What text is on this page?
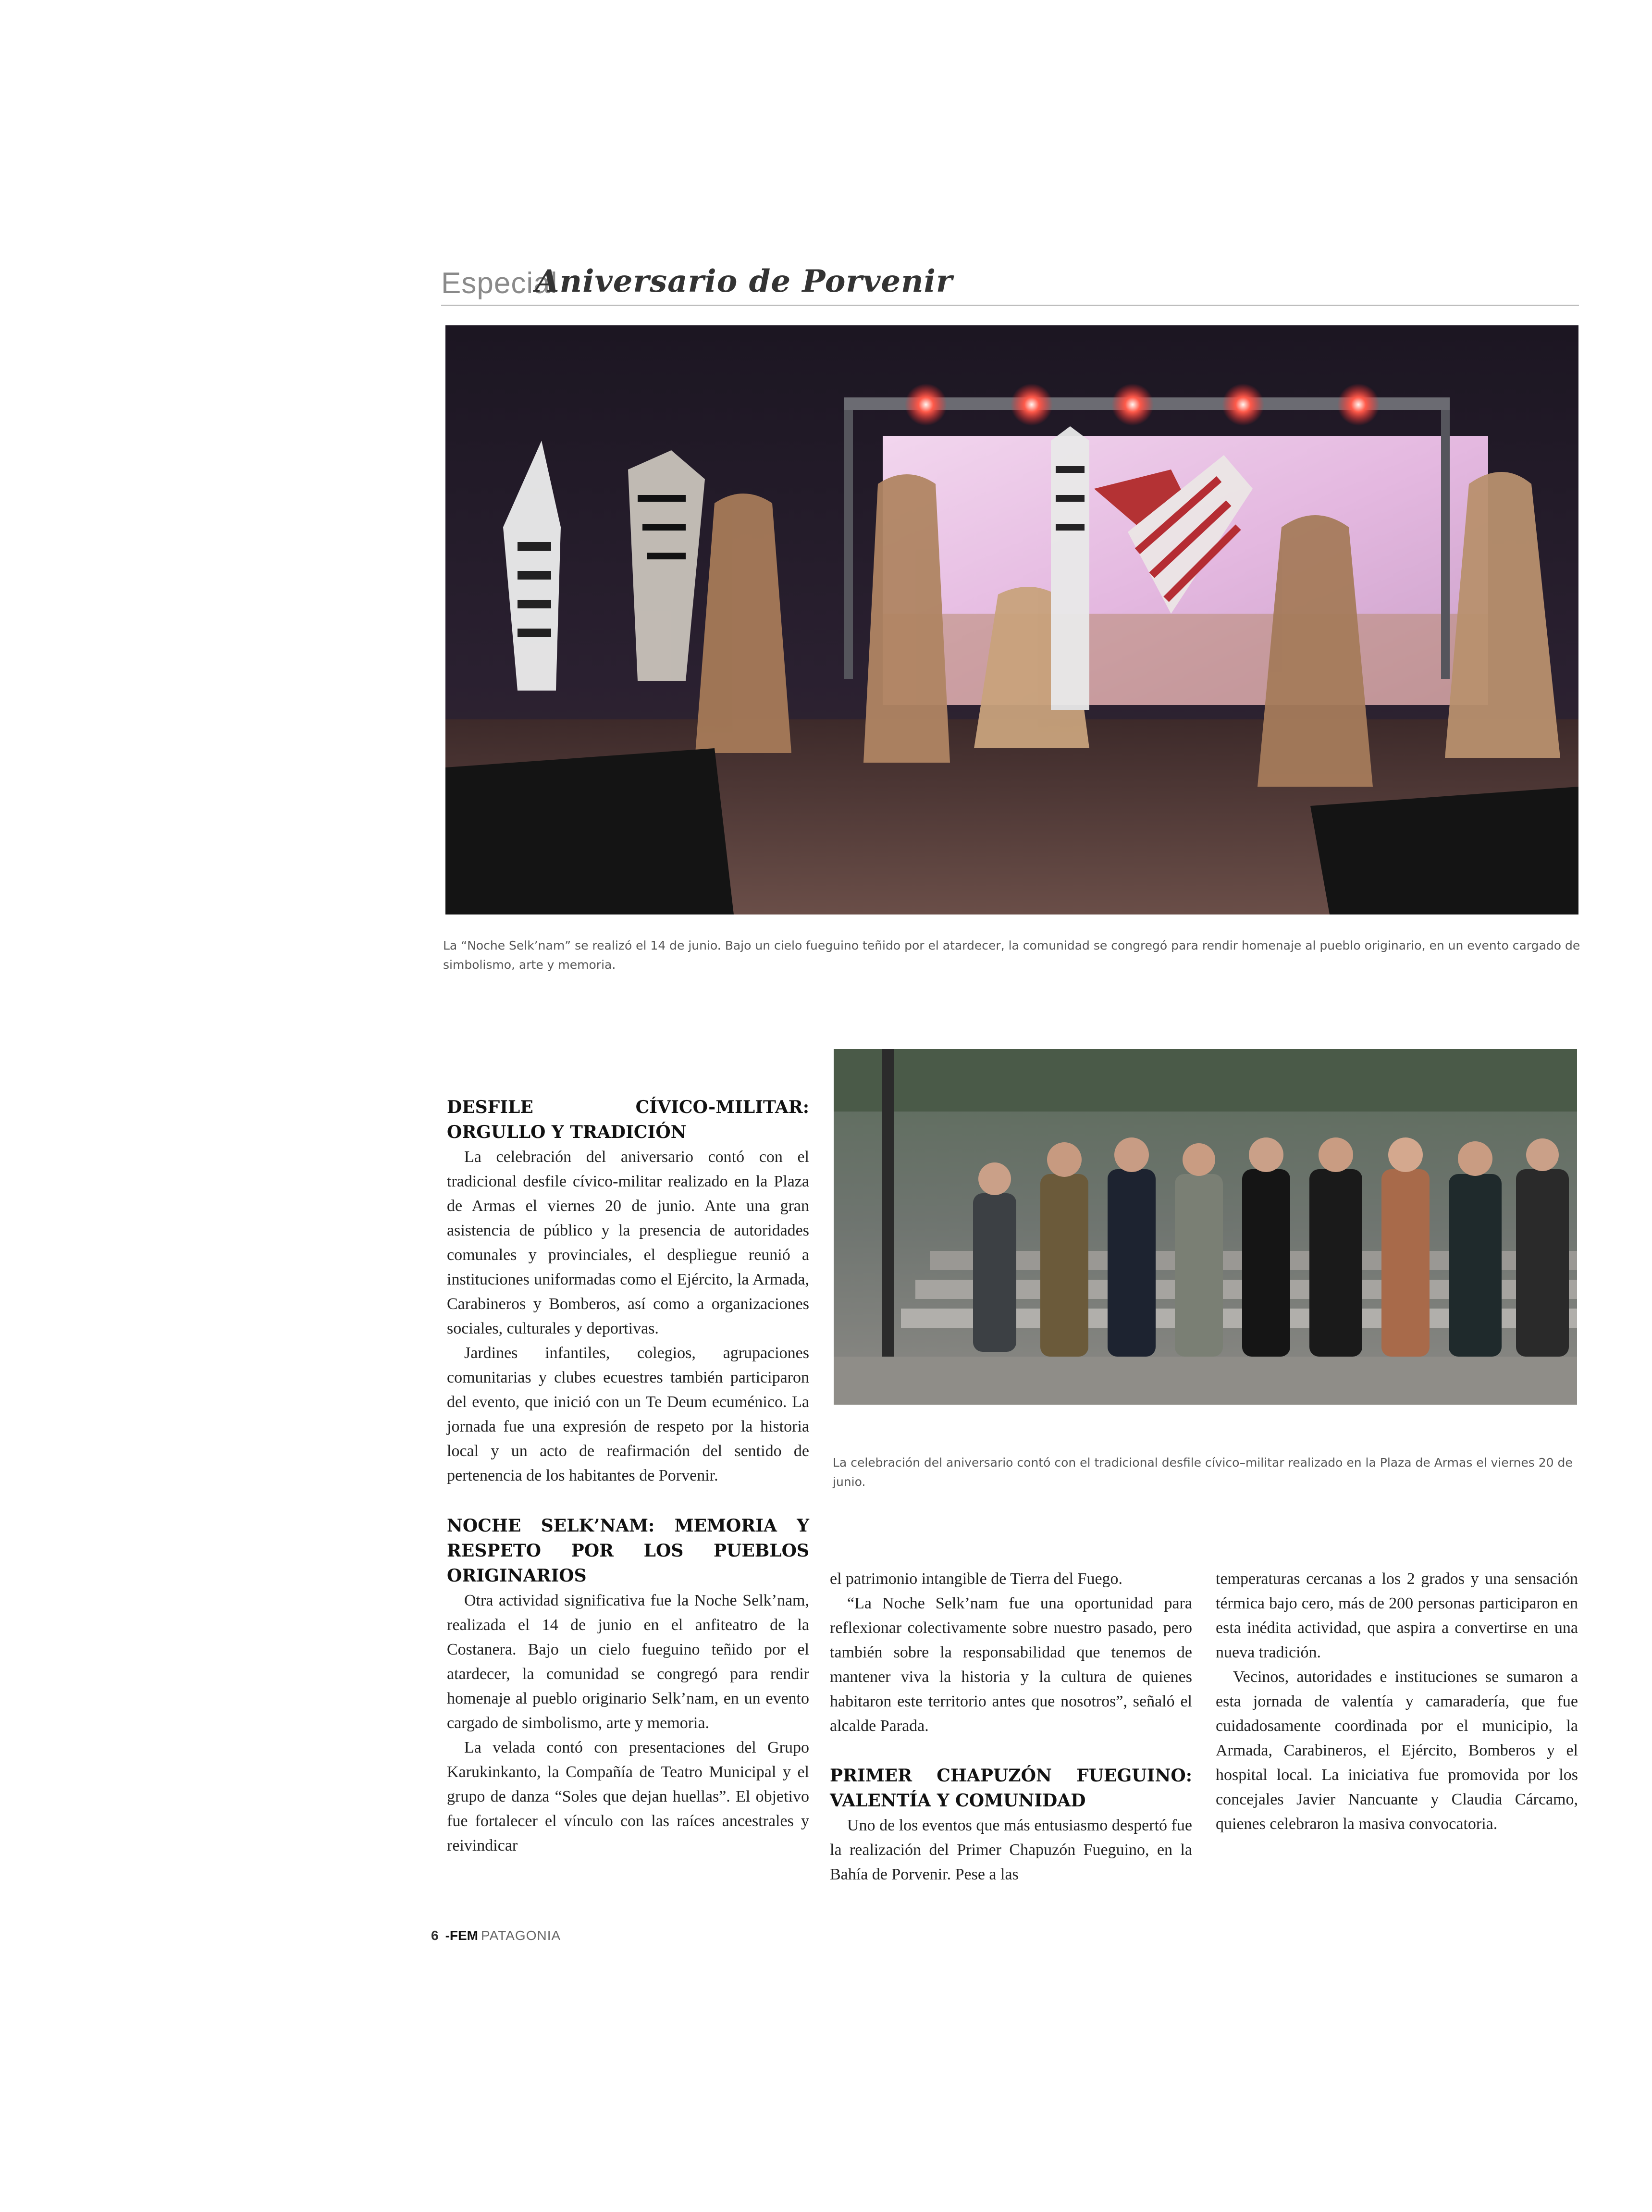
Especial
Aniversario de Porvenir
La “Noche Selk’nam” se realizó el 14 de junio. Bajo un cielo fueguino teñido por el atardecer, la comunidad se congregó para rendir homenaje al pueblo originario, en un evento cargado de simbolismo, arte y memoria.
La celebración del aniversario contó con el tradicional desfile cívico–militar realizado en la Plaza de Armas el viernes 20 de junio.
DESFILE CÍVICO-MILITAR: ORGULLO Y TRADICIÓN

La celebración del aniversario contó con el tradicional desfile cívico-militar realizado en la Plaza de Armas el viernes 20 de junio. Ante una gran asistencia de público y la presencia de autoridades comunales y provinciales, el despliegue reunió a instituciones uniformadas como el Ejército, la Armada, Carabineros y Bomberos, así como a organizaciones sociales, culturales y deportivas.

Jardines infantiles, colegios, agrupaciones comunitarias y clubes ecuestres también participaron del evento, que inició con un Te Deum ecuménico. La jornada fue una expresión de respeto por la historia local y un acto de reafirmación del sentido de pertenencia de los habitantes de Porvenir.

NOCHE SELK’NAM: MEMORIA Y RESPETO POR LOS PUEBLOS ORIGINARIOS

Otra actividad significativa fue la Noche Selk’nam, realizada el 14 de junio en el anfiteatro de la Costanera. Bajo un cielo fueguino teñido por el atardecer, la comunidad se congregó para rendir homenaje al pueblo originario Selk’nam, en un evento cargado de simbolismo, arte y memoria.

La velada contó con presentaciones del Grupo Karukinkanto, la Compañía de Teatro Municipal y el grupo de danza “Soles que dejan huellas”. El objetivo fue fortalecer el vínculo con las raíces ancestrales y reivindicar

el patrimonio intangible de Tierra del Fuego.

“La Noche Selk’nam fue una oportunidad para reflexionar colectivamente sobre nuestro pasado, pero también sobre la responsabilidad que tenemos de mantener viva la historia y la cultura de quienes habitaron este territorio antes que nosotros”, señaló el alcalde Parada.

PRIMER CHAPUZÓN FUEGUINO: VALENTÍA Y COMUNIDAD

Uno de los eventos que más entusiasmo despertó fue la realización del Primer Chapuzón Fueguino, en la Bahía de Porvenir. Pese a las

temperaturas cercanas a los 2 grados y una sensación térmica bajo cero, más de 200 personas participaron en esta inédita actividad, que aspira a convertirse en una nueva tradición.

Vecinos, autoridades e instituciones se sumaron a esta jornada de valentía y camaradería, que fue cuidadosamente coordinada por el municipio, la Armada, Carabineros, el Ejército, Bomberos y el hospital local. La iniciativa fue promovida por los concejales Javier Nancuante y Claudia Cárcamo, quienes celebraron la masiva convocatoria.

6 -FEM PATAGONIA
